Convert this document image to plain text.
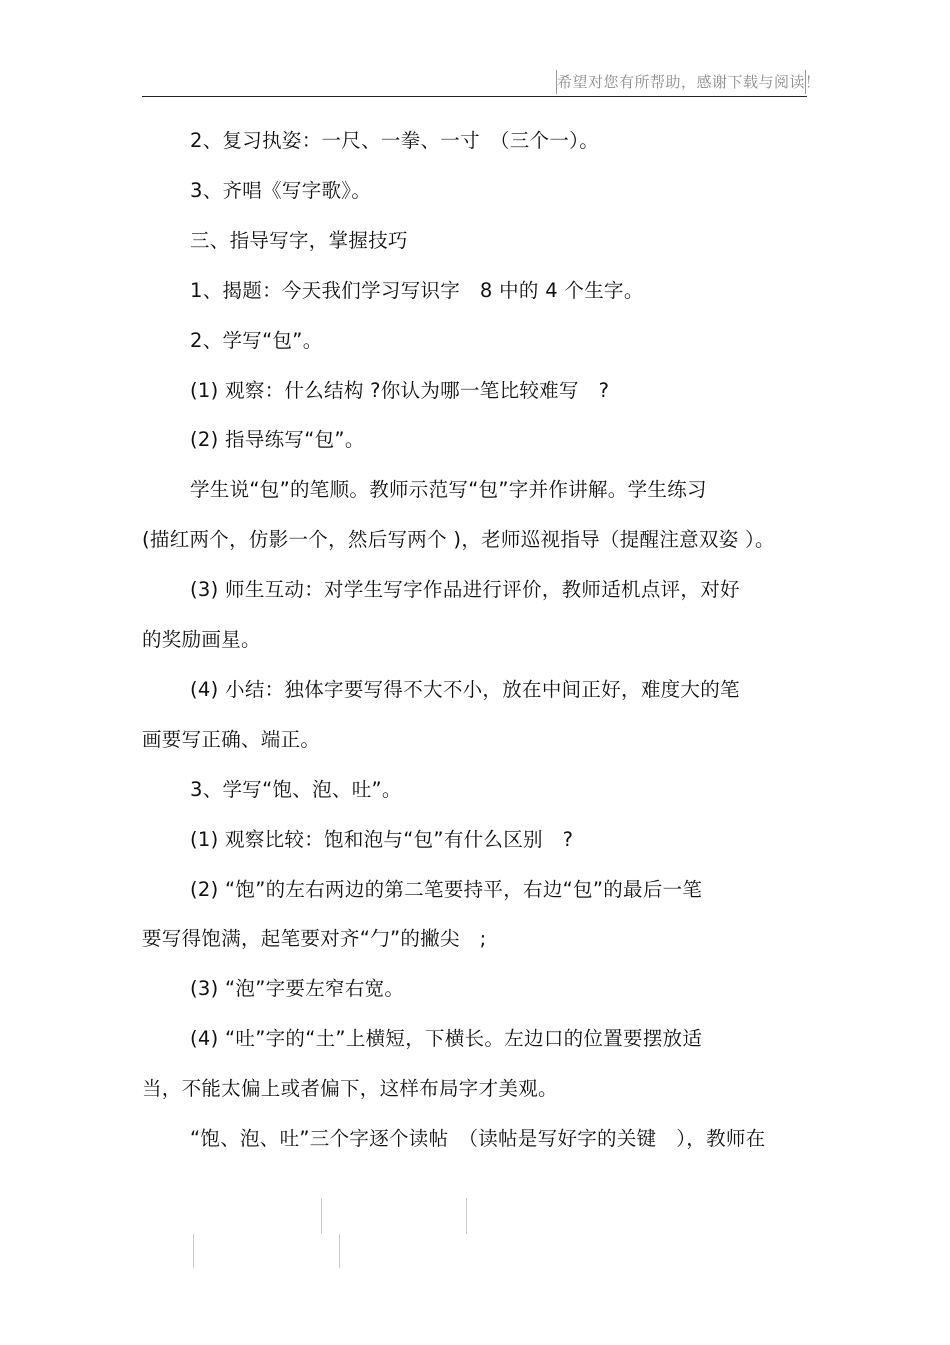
希望对您有所帮助，感谢下载与阅读！
2、复习执姿：一尺、一拳、一寸　（三个一）。
3、齐唱《写字歌》。
三、指导写字，掌握技巧
1、揭题：今天我们学习写识字　8 中的 4 个生字。
2、学写“包”。
(1) 观察：什么结构 ?你认为哪一笔比较难写　?
(2) 指导练写“包”。
学生说“包”的笔顺。教师示范写“包”字并作讲解。学生练习
(描红两个，仿影一个，然后写两个 )，老师巡视指导（提醒注意双姿 ）。
(3) 师生互动：对学生写字作品进行评价，教师适机点评，对好
的奖励画星。
(4) 小结：独体字要写得不大不小，放在中间正好，难度大的笔
画要写正确、端正。
3、学写“饱、泡、吐”。
(1) 观察比较：饱和泡与“包”有什么区别　?
(2) “饱”的左右两边的第二笔要持平，右边“包”的最后一笔
要写得饱满，起笔要对齐“勹”的撇尖　;
(3) “泡”字要左窄右宽。
(4) “吐”字的“土”上横短，下横长。左边口的位置要摆放适
当，不能太偏上或者偏下，这样布局字才美观。
“饱、泡、吐”三个字逐个读帖　（读帖是写好字的关键　），教师在
